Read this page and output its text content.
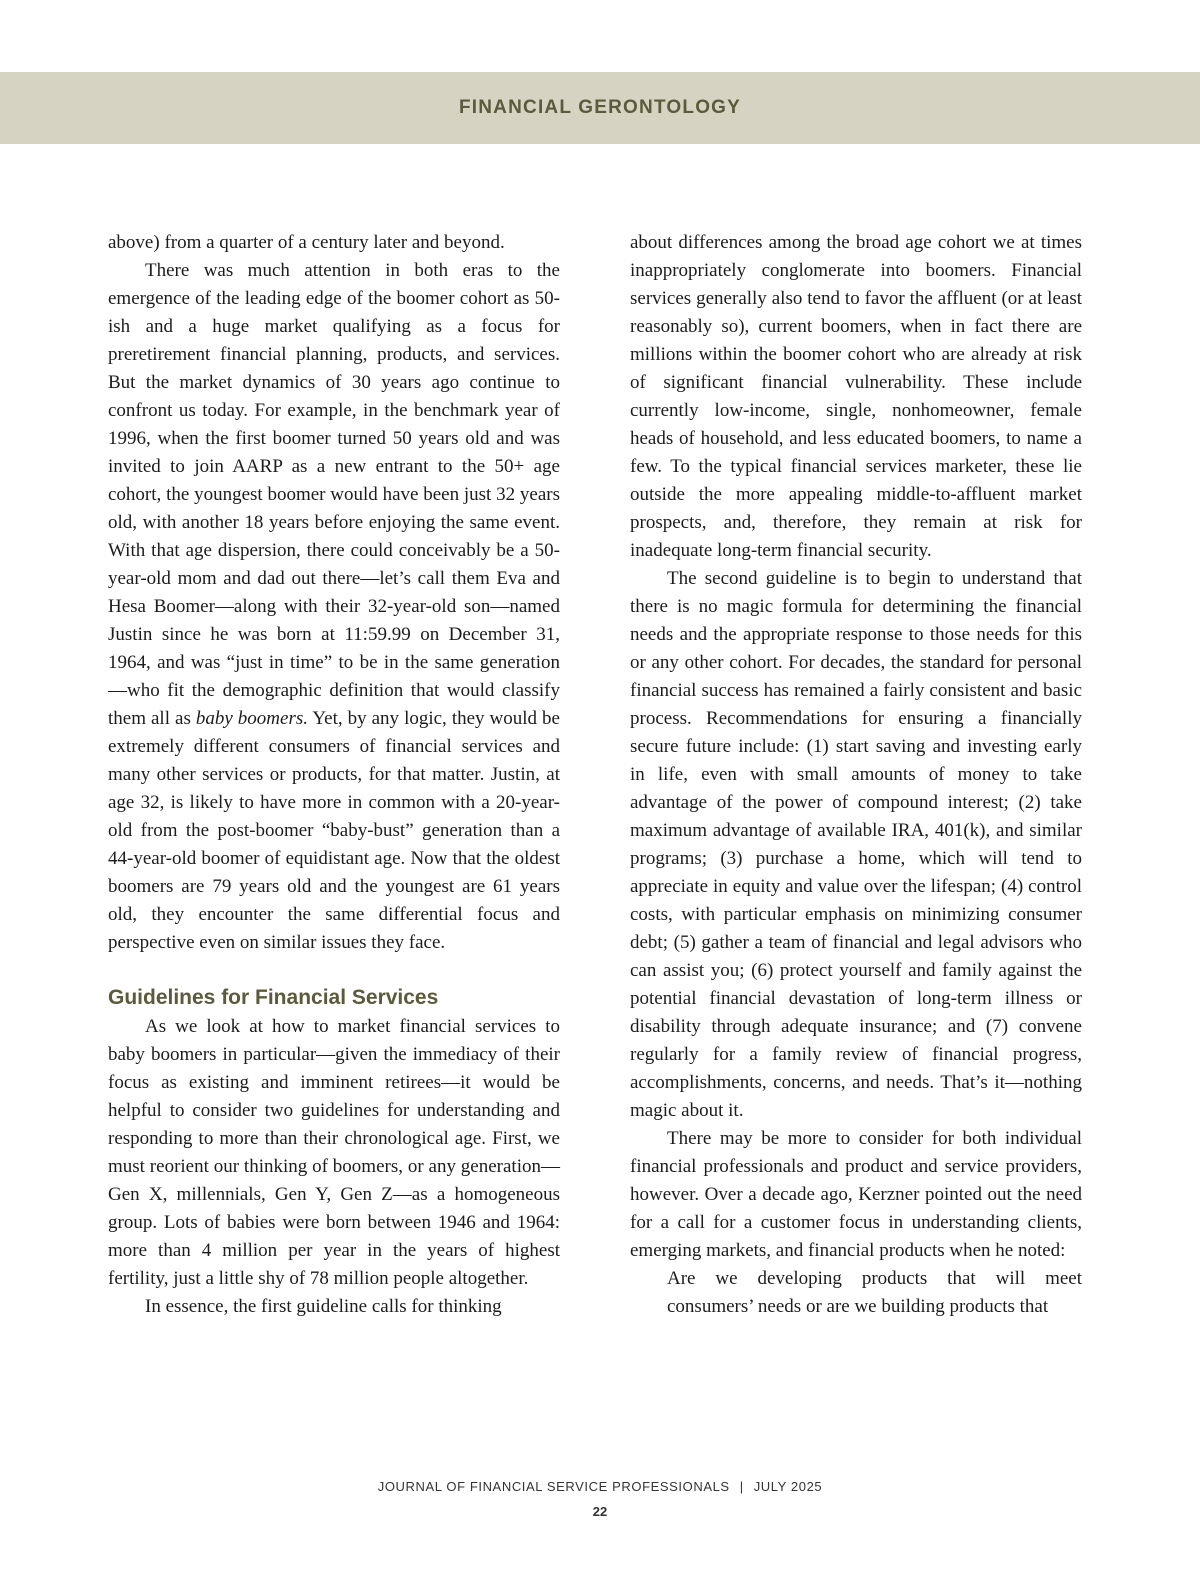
FINANCIAL GERONTOLOGY

above) from a quarter of a century later and beyond.

There was much attention in both eras to the emergence of the leading edge of the boomer cohort as 50-ish and a huge market qualifying as a focus for preretirement financial planning, products, and services. But the market dynamics of 30 years ago continue to confront us today. For example, in the benchmark year of 1996, when the first boomer turned 50 years old and was invited to join AARP as a new entrant to the 50+ age cohort, the youngest boomer would have been just 32 years old, with another 18 years before enjoying the same event. With that age dispersion, there could conceivably be a 50-year-old mom and dad out there—let’s call them Eva and Hesa Boomer—along with their 32-year-old son—named Justin since he was born at 11:59.99 on December 31, 1964, and was “just in time” to be in the same generation—who fit the demographic definition that would classify them all as baby boomers. Yet, by any logic, they would be extremely different consumers of financial services and many other services or products, for that matter. Justin, at age 32, is likely to have more in common with a 20-year-old from the post-boomer “baby-bust” generation than a 44-year-old boomer of equidistant age. Now that the oldest boomers are 79 years old and the youngest are 61 years old, they encounter the same differential focus and perspective even on similar issues they face.

Guidelines for Financial Services

As we look at how to market financial services to baby boomers in particular—given the immediacy of their focus as existing and imminent retirees—it would be helpful to consider two guidelines for understanding and responding to more than their chronological age. First, we must reorient our thinking of boomers, or any generation—Gen X, millennials, Gen Y, Gen Z—as a homogeneous group. Lots of babies were born between 1946 and 1964: more than 4 million per year in the years of highest fertility, just a little shy of 78 million people altogether.

In essence, the first guideline calls for thinking

about differences among the broad age cohort we at times inappropriately conglomerate into boomers. Financial services generally also tend to favor the affluent (or at least reasonably so), current boomers, when in fact there are millions within the boomer cohort who are already at risk of significant financial vulnerability. These include currently low-income, single, nonhomeowner, female heads of household, and less educated boomers, to name a few. To the typical financial services marketer, these lie outside the more appealing middle-to-affluent market prospects, and, therefore, they remain at risk for inadequate long-term financial security.

The second guideline is to begin to understand that there is no magic formula for determining the financial needs and the appropriate response to those needs for this or any other cohort. For decades, the standard for personal financial success has remained a fairly consistent and basic process. Recommendations for ensuring a financially secure future include: (1) start saving and investing early in life, even with small amounts of money to take advantage of the power of compound interest; (2) take maximum advantage of available IRA, 401(k), and similar programs; (3) purchase a home, which will tend to appreciate in equity and value over the lifespan; (4) control costs, with particular emphasis on minimizing consumer debt; (5) gather a team of financial and legal advisors who can assist you; (6) protect yourself and family against the potential financial devastation of long-term illness or disability through adequate insurance; and (7) convene regularly for a family review of financial progress, accomplishments, concerns, and needs. That’s it—nothing magic about it.

There may be more to consider for both individual financial professionals and product and service providers, however. Over a decade ago, Kerzner pointed out the need for a call for a customer focus in understanding clients, emerging markets, and financial products when he noted:

Are we developing products that will meet consumers’ needs or are we building products that
JOURNAL OF FINANCIAL SERVICE PROFESSIONALS | JULY 2025
22
